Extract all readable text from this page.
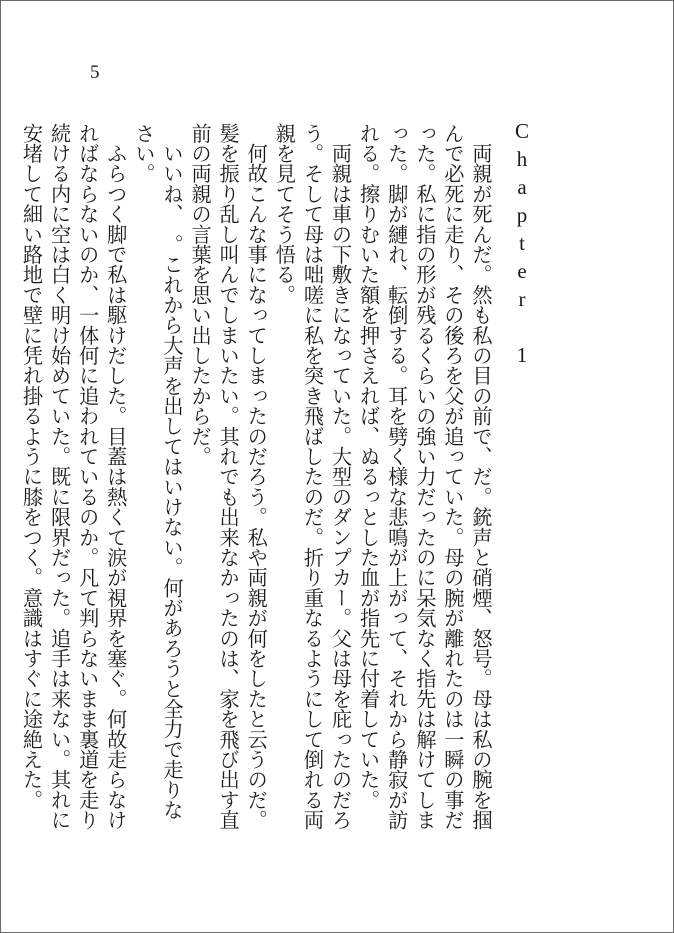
5
Chapter 1

　両親が死んだ。然も私の目の前で、だ。銃声と硝煙、怒号。母は私の腕を掴
んで必死に走り、その後ろを父が追っていた。母の腕が離れたのは一瞬の事だ
った。私に指の形が残るくらいの強い力だったのに呆気なく指先は解けてしま
った。脚が縺れ、転倒する。耳を劈く様な悲鳴が上がって、それから静寂が訪
れる。擦りむいた額を押さえれば、ぬるっとした血が指先に付着していた。

　両親は車の下敷きになっていた。大型のダンプカー。父は母を庇ったのだろ
う。そして母は咄嗟に私を突き飛ばしたのだ。折り重なるようにして倒れる両
親を見てそう悟る。

　何故こんな事になってしまったのだろう。私や両親が何をしたと云うのだ。
髪を振り乱し叫んでしまいたい。其れでも出来なかったのは、家を飛び出す直
前の両親の言葉を思い出したからだ。

　いいね、　。これから大声を出してはいけない。何があろうと全力で走りな
さい。

　ふらつく脚で私は駆けだした。目蓋は熱くて涙が視界を塞ぐ。何故走らなけ
ればならないのか、一体何に追われているのか。凡て判らないまま裏道を走り
続ける内に空は白く明け始めていた。既に限界だった。追手は来ない。其れに
安堵して細い路地で壁に凭れ掛るように膝をつく。意識はすぐに途絶えた。
